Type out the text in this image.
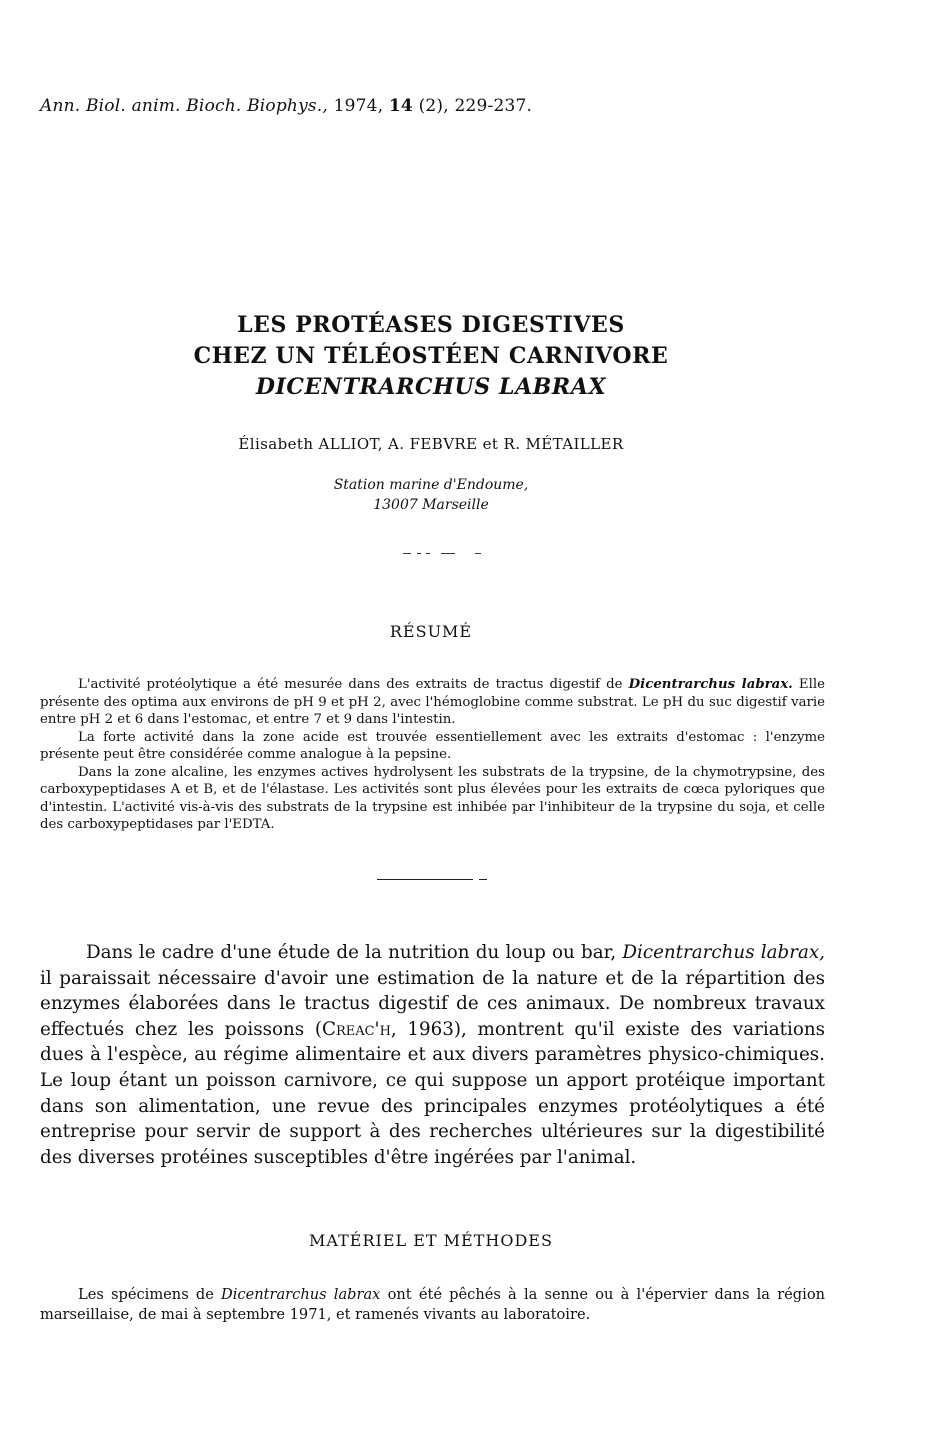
Ann. Biol. anim. Bioch. Biophys., 1974, 14 (2), 229-237.
LES PROTÉASES DIGESTIVES
CHEZ UN TÉLÉOSTÉEN CARNIVORE
DICENTRARCHUS LABRAX
Élisabeth ALLIOT, A. FEBVRE et R. MÉTAILLER
Station marine d'Endoume,
13007 Marseille
RÉSUMÉ

L'activité protéolytique a été mesurée dans des extraits de tractus digestif de Dicentrarchus labrax. Elle présente des optima aux environs de pH 9 et pH 2, avec l'hémoglobine comme substrat. Le pH du suc digestif varie entre pH 2 et 6 dans l'estomac, et entre 7 et 9 dans l'intestin.

La forte activité dans la zone acide est trouvée essentiellement avec les extraits d'estomac : l'enzyme présente peut être considérée comme analogue à la pepsine.

Dans la zone alcaline, les enzymes actives hydrolysent les substrats de la trypsine, de la chymotrypsine, des carboxypeptidases A et B, et de l'élastase. Les activités sont plus élevées pour les extraits de cœca pyloriques que d'intestin. L'activité vis-à-vis des substrats de la trypsine est inhibée par l'inhibiteur de la trypsine du soja, et celle des carboxypeptidases par l'EDTA.

Dans le cadre d'une étude de la nutrition du loup ou bar, Dicentrarchus labrax, il paraissait nécessaire d'avoir une estimation de la nature et de la répartition des enzymes élaborées dans le tractus digestif de ces animaux. De nombreux travaux effectués chez les poissons (Creac'h, 1963), montrent qu'il existe des variations dues à l'espèce, au régime alimentaire et aux divers paramètres physico-chimiques. Le loup étant un poisson carnivore, ce qui suppose un apport protéique important dans son alimentation, une revue des principales enzymes protéolytiques a été entreprise pour servir de support à des recherches ultérieures sur la digestibilité des diverses protéines susceptibles d'être ingérées par l'animal.

MATÉRIEL ET MÉTHODES

Les spécimens de Dicentrarchus labrax ont été pêchés à la senne ou à l'épervier dans la région marseillaise, de mai à septembre 1971, et ramenés vivants au laboratoire.
